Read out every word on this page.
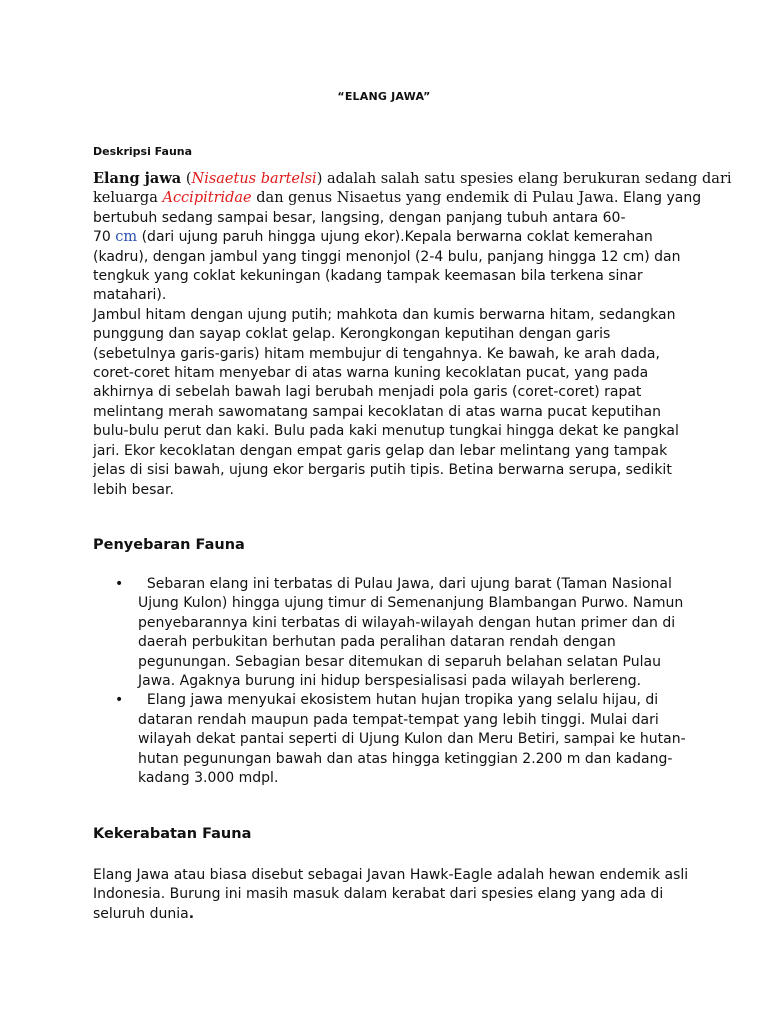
“ELANG JAWA”
Deskripsi Fauna
Elang jawa (Nisaetus bartelsi) adalah salah satu spesies elang berukuran sedang dari
keluarga Accipitridae dan genus Nisaetus yang endemik di Pulau Jawa. Elang yang
bertubuh sedang sampai besar, langsing, dengan panjang tubuh antara 60-
70 cm (dari ujung paruh hingga ujung ekor).Kepala berwarna coklat kemerahan
(kadru), dengan jambul yang tinggi menonjol (2-4 bulu, panjang hingga 12 cm) dan
tengkuk yang coklat kekuningan (kadang tampak keemasan bila terkena sinar
matahari).
Jambul hitam dengan ujung putih; mahkota dan kumis berwarna hitam, sedangkan
punggung dan sayap coklat gelap. Kerongkongan keputihan dengan garis
(sebetulnya garis-garis) hitam membujur di tengahnya. Ke bawah, ke arah dada,
coret-coret hitam menyebar di atas warna kuning kecoklatan pucat, yang pada
akhirnya di sebelah bawah lagi berubah menjadi pola garis (coret-coret) rapat
melintang merah sawomatang sampai kecoklatan di atas warna pucat keputihan
bulu-bulu perut dan kaki. Bulu pada kaki menutup tungkai hingga dekat ke pangkal
jari. Ekor kecoklatan dengan empat garis gelap dan lebar melintang yang tampak
jelas di sisi bawah, ujung ekor bergaris putih tipis. Betina berwarna serupa, sedikit
lebih besar.
Penyebaran Fauna
• Sebaran elang ini terbatas di Pulau Jawa, dari ujung barat (Taman Nasional
Ujung Kulon) hingga ujung timur di Semenanjung Blambangan Purwo. Namun
penyebarannya kini terbatas di wilayah-wilayah dengan hutan primer dan di
daerah perbukitan berhutan pada peralihan dataran rendah dengan
pegunungan. Sebagian besar ditemukan di separuh belahan selatan Pulau
Jawa. Agaknya burung ini hidup berspesialisasi pada wilayah berlereng.
• Elang jawa menyukai ekosistem hutan hujan tropika yang selalu hijau, di
dataran rendah maupun pada tempat-tempat yang lebih tinggi. Mulai dari
wilayah dekat pantai seperti di Ujung Kulon dan Meru Betiri, sampai ke hutan-
hutan pegunungan bawah dan atas hingga ketinggian 2.200 m dan kadang-
kadang 3.000 mdpl.
Kekerabatan Fauna
Elang Jawa atau biasa disebut sebagai Javan Hawk-Eagle adalah hewan endemik asli
Indonesia. Burung ini masih masuk dalam kerabat dari spesies elang yang ada di
seluruh dunia.
